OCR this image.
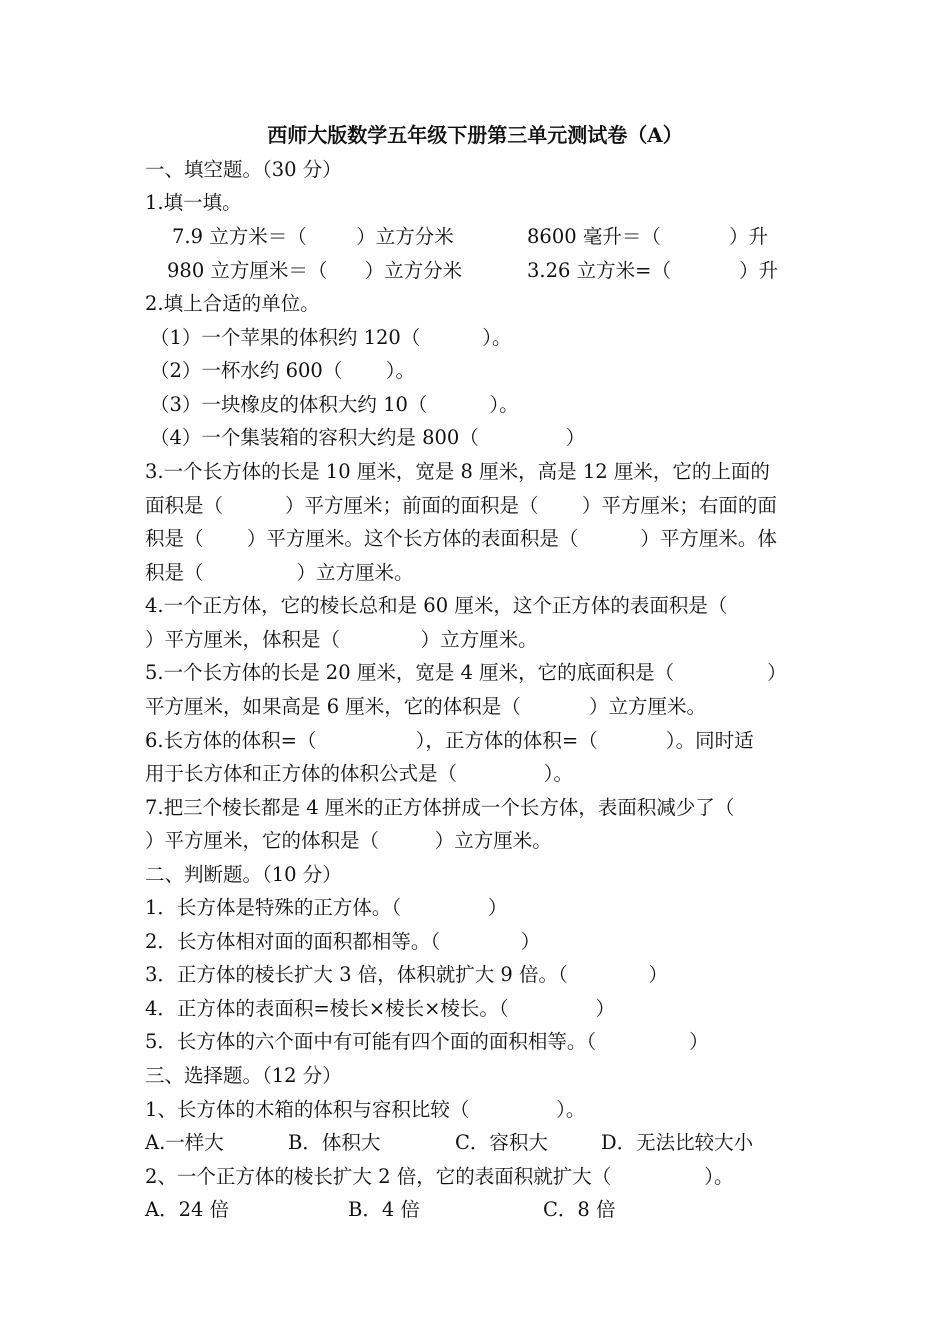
西师大版数学五年级下册第三单元测试卷（A）
一、填空题。（30 分）
1.填一填。
7.9 立方米＝（        ）立方分米	8600 毫升＝（           ）升
980 立方厘米＝（      ）立方分米	3.26 立方米=（           ）升
2.填上合适的单位。
（1）一个苹果的体积约 120（          ）。
（2）一杯水约 600（       ）。
（3）一块橡皮的体积大约 10（          ）。
（4）一个集装箱的容积大约是 800（              ）
3.一个长方体的长是 10 厘米，宽是 8 厘米，高是 12 厘米，它的上面的
面积是（          ）平方厘米；前面的面积是（       ）平方厘米；右面的面
积是（       ）平方厘米。这个长方体的表面积是（          ）平方厘米。体
积是（               ）立方厘米。
4.一个正方体，它的棱长总和是 60 厘米，这个正方体的表面积是（
）平方厘米，体积是（             ）立方厘米。
5.一个长方体的长是 20 厘米，宽是 4 厘米，它的底面积是（               ）
平方厘米，如果高是 6 厘米，它的体积是（           ）立方厘米。
6.长方体的体积=（                ），正方体的体积=（           ）。同时适
用于长方体和正方体的体积公式是（              ）。
7.把三个棱长都是 4 厘米的正方体拼成一个长方体，表面积减少了（
）平方厘米，它的体积是（         ）立方厘米。
二、判断题。（10 分）
1．长方体是特殊的正方体。（              ）
2．长方体相对面的面积都相等。（             ）
3．正方体的棱长扩大 3 倍，体积就扩大 9 倍。（             ）
4．正方体的表面积=棱长×棱长×棱长。（              ）
5．长方体的六个面中有可能有四个面的面积相等。（               ）
三、选择题。（12 分）
1、长方体的木箱的体积与容积比较（              ）。
A.一样大	B．体积大	C．容积大	D．无法比较大小
2、一个正方体的棱长扩大 2 倍，它的表面积就扩大（               ）。
A．24 倍	B．4 倍	C．8 倍
